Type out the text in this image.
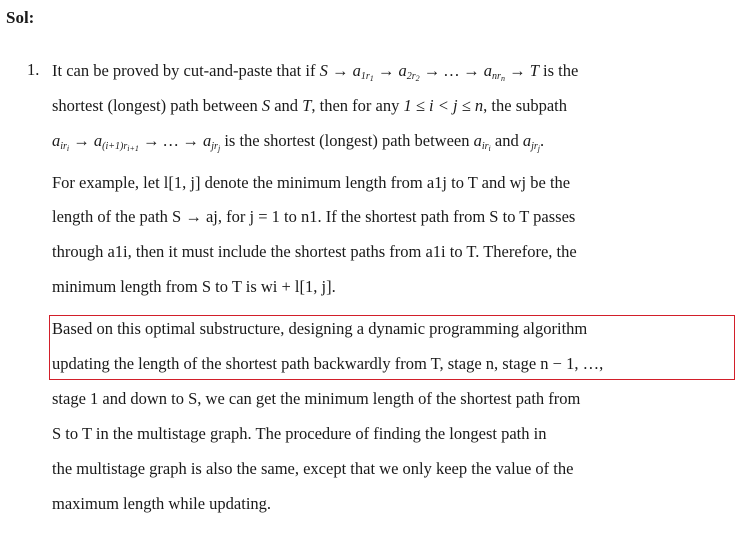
Sol:
1. It can be proved by cut-and-paste that if $S \to a_{1r_1} \to a_{2r_2}$ → … → $a_{nr_n} \to T$ is the
shortest (longest) path between S and T, then for any 1 ≤ i < j ≤ n, the subpath
$a_{ir_i} \to a_{(i+1)r_{i+1}}$ → … → $a_{jr_j}$ is the shortest (longest) path between $a_{ir_i}$ and $a_{jr_j}$.
For example, let l[1, j] denote the minimum length from a1j to T and wj be the
length of the path S → aj, for j = 1 to n1. If the shortest path from S to T passes
through a1i, then it must include the shortest paths from a1i to T. Therefore, the
minimum length from S to T is wi + l[1, j].
Based on this optimal substructure, designing a dynamic programming algorithm
updating the length of the shortest path backwardly from T, stage n, stage n − 1, …,
stage 1 and down to S, we can get the minimum length of the shortest path from
S to T in the multistage graph. The procedure of finding the longest path in
the multistage graph is also the same, except that we only keep the value of the
maximum length while updating.
